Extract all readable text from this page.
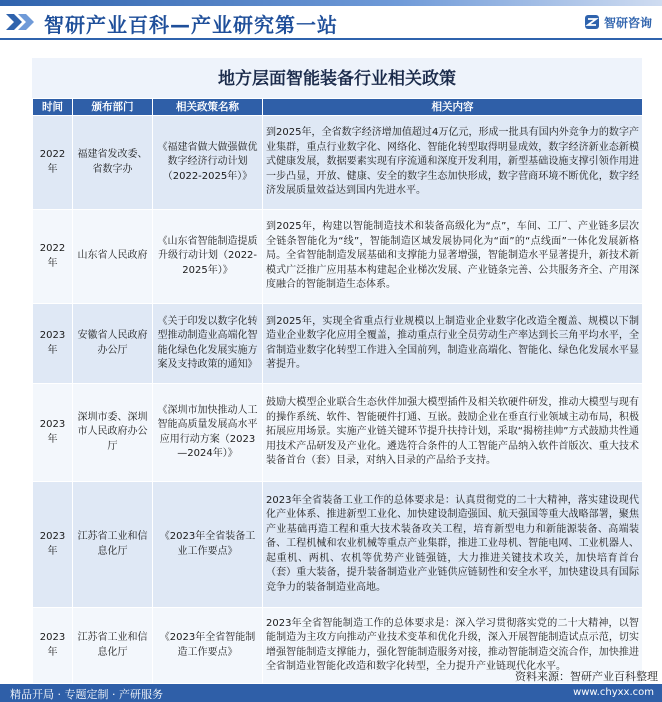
智研产业百科—产业研究第一站	智研咨询
地方层面智能装备行业相关政策
时间	颁布部门	相关政策名称	相关内容
2022年	福建省发改委、省数字办	《福建省做大做强做优数字经济行动计划（2022-2025年）》	到2025年，全省数字经济增加值超过4万亿元，形成一批具有国内外竞争力的数字产业集群，重点行业数字化、网络化、智能化转型取得明显成效，数字经济新业态新模式健康发展，数据要素实现有序流通和深度开发利用，新型基础设施支撑引领作用进一步凸显，开放、健康、安全的数字生态加快形成，数字营商环境不断优化，数字经济发展质量效益达到国内先进水平。
2022年	山东省人民政府	《山东省智能制造提质升级行动计划（2022-2025年）》	到2025年，构建以智能制造技术和装备高级化为“点”，车间、工厂、产业链多层次全链条智能化为“线”，智能制造区域发展协同化为“面”的“点线面”一体化发展新格局。全省智能制造发展基础和支撑能力显著增强，智能制造水平显著提升，新技术新模式广泛推广应用基本构建起企业梯次发展、产业链条完善、公共服务齐全、产用深度融合的智能制造生态体系。
2023年	安徽省人民政府办公厅	《关于印发以数字化转型推动制造业高端化智能化绿色化发展实施方案及支持政策的通知》	到2025年，实现全省重点行业规模以上制造业企业数字化改造全覆盖、规模以下制造业企业数字化应用全覆盖，推动重点行业全员劳动生产率达到长三角平均水平，全省制造业数字化转型工作进入全国前列，制造业高端化、智能化、绿色化发展水平显著提升。
2023年	深圳市委、深圳市人民政府办公厅	《深圳市加快推动人工智能高质量发展高水平应用行动方案（2023—2024年）》	鼓励大模型企业联合生态伙伴加强大模型插件及相关软硬件研发，推动大模型与现有的操作系统、软件、智能硬件打通、互嵌。鼓励企业在垂直行业领域主动布局，积极拓展应用场景。实施产业链关键环节提升扶持计划，采取“揭榜挂帅”方式鼓励共性通用技术产品研发及产业化。遴选符合条件的人工智能产品纳入软件首版次、重大技术装备首台（套）目录，对纳入目录的产品给予支持。
2023年	江苏省工业和信息化厅	《2023年全省装备工业工作要点》	2023年全省装备工业工作的总体要求是：认真贯彻党的二十大精神，落实建设现代化产业体系、推进新型工业化、加快建设制造强国、航天强国等重大战略部署，聚焦产业基础再造工程和重大技术装备攻关工程，培育新型电力和新能源装备、高端装备、工程机械和农业机械等重点产业集群，推进工业母机、智能电网、工业机器人、起重机、两机、农机等优势产业链强链，大力推进关键技术攻关，加快培育首台（套）重大装备，提升装备制造业产业链供应链韧性和安全水平，加快建设具有国际竞争力的装备制造业高地。
2023年	江苏省工业和信息化厅	《2023年全省智能制造工作要点》	2023年全省智能制造工作的总体要求是：深入学习贯彻落实党的二十大精神，以智能制造为主攻方向推动产业技术变革和优化升级，深入开展智能制造试点示范，切实增强智能制造支撑能力，强化智能制造服务对接，推动智能制造交流合作，加快推进全省制造业智能化改造和数字化转型，全力提升产业链现代化水平。
资料来源：智研产业百科整理
精品开局 · 专题定制 · 产研服务	www.chyxx.com
